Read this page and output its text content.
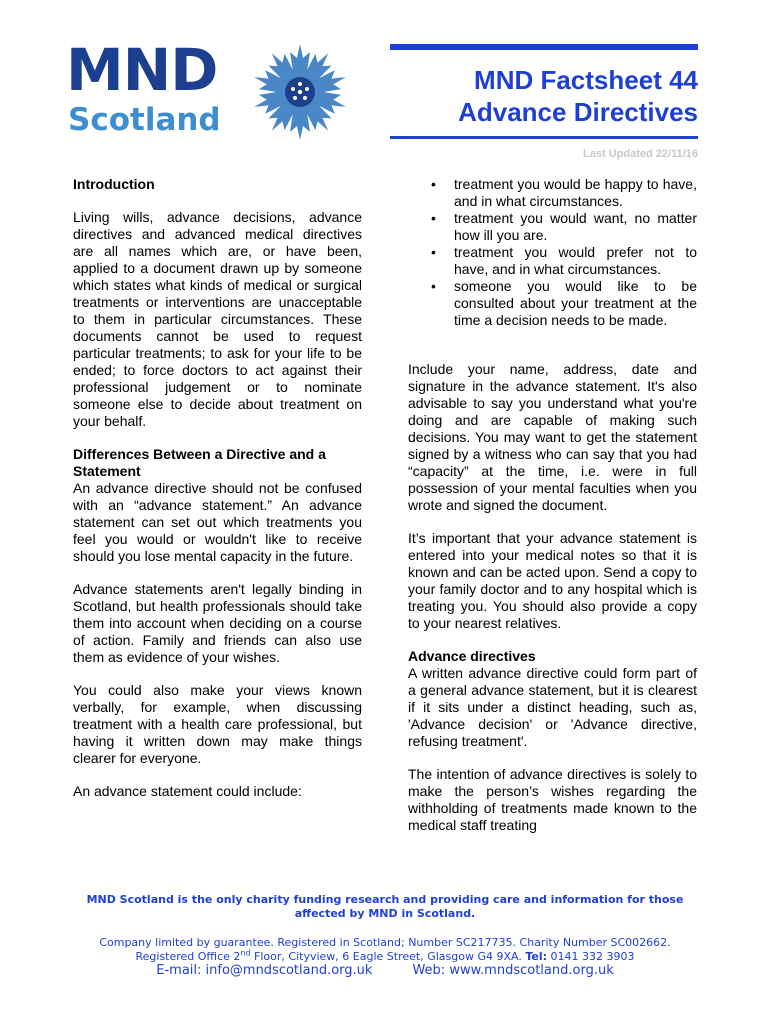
MND
Scotland
MND Factsheet 44
Advance Directives
Last Updated 22/11/16
Introduction

Living wills, advance decisions, advance directives and advanced medical directives are all names which are, or have been, applied to a document drawn up by someone which states what kinds of medical or surgical treatments or interventions are unacceptable to them in particular circumstances. These documents cannot be used to request particular treatments; to ask for your life to be ended; to force doctors to act against their professional judgement or to nominate someone else to decide about treatment on your behalf.

Differences Between a Directive and a Statement

An advance directive should not be confused with an “advance statement.” An advance statement can set out which treatments you feel you would or wouldn't like to receive should you lose mental capacity in the future.

Advance statements aren't legally binding in Scotland, but health professionals should take them into account when deciding on a course of action. Family and friends can also use them as evidence of your wishes.

You could also make your views known verbally, for example, when discussing treatment with a health care professional, but having it written down may make things clearer for everyone.

An advance statement could include:

• treatment you would be happy to have, and in what circumstances.
• treatment you would want, no matter how ill you are.
• treatment you would prefer not to have, and in what circumstances.
• someone you would like to be consulted about your treatment at the time a decision needs to be made.

Include your name, address, date and signature in the advance statement. It's also advisable to say you understand what you're doing and are capable of making such decisions. You may want to get the statement signed by a witness who can say that you had “capacity” at the time, i.e. were in full possession of your mental faculties when you wrote and signed the document.

It’s important that your advance statement is entered into your medical notes so that it is known and can be acted upon. Send a copy to your family doctor and to any hospital which is treating you. You should also provide a copy to your nearest relatives.

Advance directives

A written advance directive could form part of a general advance statement, but it is clearest if it sits under a distinct heading, such as, 'Advance decision' or 'Advance directive, refusing treatment'.

The intention of advance directives is solely to make the person’s wishes regarding the withholding of treatments made known to the medical staff treating

MND Scotland is the only charity funding research and providing care and information for those
affected by MND in Scotland.
Company limited by guarantee. Registered in Scotland; Number SC217735. Charity Number SC002662.
Registered Office 2nd Floor, Cityview, 6 Eagle Street, Glasgow G4 9XA. Tel: 0141 332 3903
E-mail: info@mndscotland.org.uk	Web: www.mndscotland.org.uk
